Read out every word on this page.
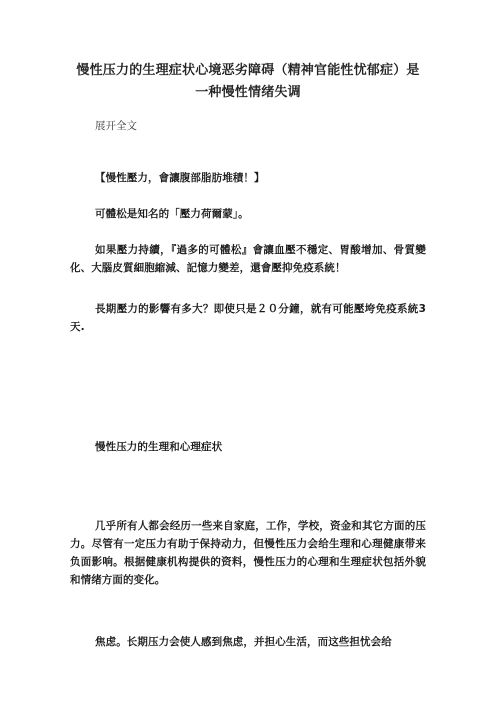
慢性压力的生理症状心境恶劣障碍（精神官能性忧郁症）是一种慢性情绪失调
展开全文
【慢性壓力，會讓腹部脂肪堆積！】
可體松是知名的「壓力荷爾蒙」。
如果壓力持續，『過多的可體松』會讓血壓不穩定、胃酸增加、骨質變化、大腦皮質細胞縮減、記憶力變差，還會壓抑免疫系統！
長期壓力的影響有多大？即使只是２０分鐘，就有可能壓垮免疫系統3天.
慢性压力的生理和心理症状
几乎所有人都会经历一些来自家庭，工作，学校，资金和其它方面的压力。尽管有一定压力有助于保持动力，但慢性压力会给生理和心理健康带来负面影响。根据健康机构提供的资料，慢性压力的心理和生理症状包括外貌和情绪方面的变化。
焦虑。长期压力会使人感到焦虑，并担心生活，而这些担忧会给
